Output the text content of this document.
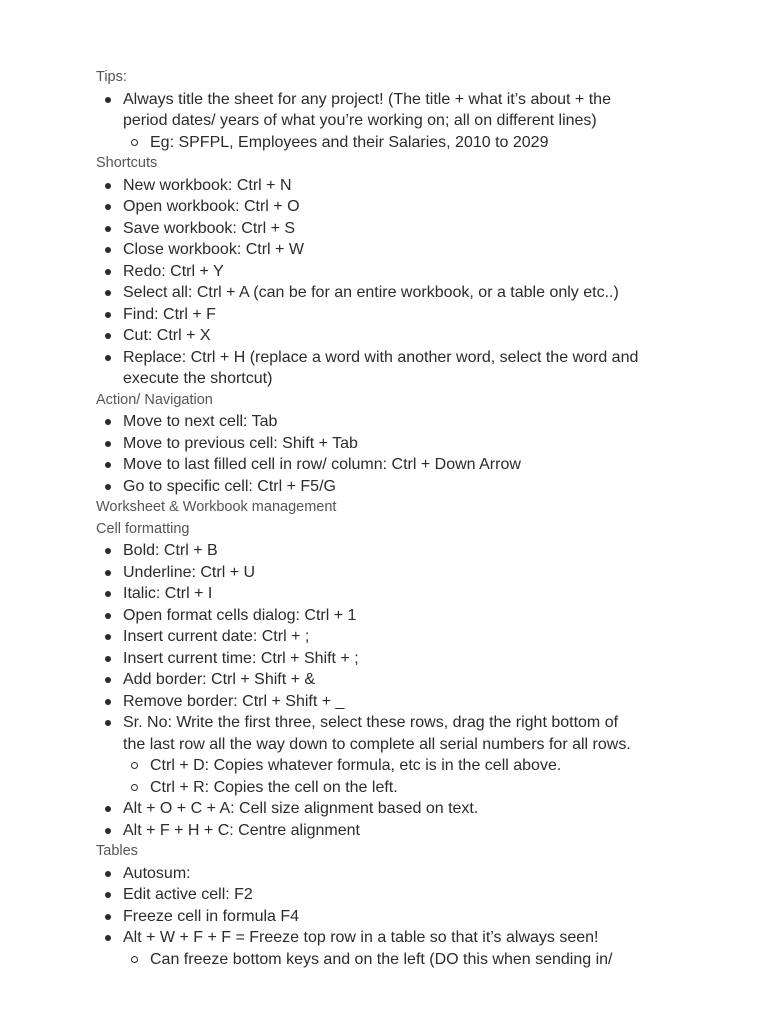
Tips:
Always title the sheet for any project! (The title + what it’s about + the
period dates/ years of what you’re working on; all on different lines)
Eg: SPFPL, Employees and their Salaries, 2010 to 2029
Shortcuts
New workbook: Ctrl + N
Open workbook: Ctrl + O
Save workbook: Ctrl + S
Close workbook: Ctrl + W
Redo: Ctrl + Y
Select all: Ctrl + A (can be for an entire workbook, or a table only etc..)
Find: Ctrl + F
Cut: Ctrl + X
Replace: Ctrl + H (replace a word with another word, select the word and
execute the shortcut)
Action/ Navigation
Move to next cell: Tab
Move to previous cell: Shift + Tab
Move to last filled cell in row/ column: Ctrl + Down Arrow
Go to specific cell: Ctrl + F5/G
Worksheet & Workbook management
Cell formatting
Bold: Ctrl + B
Underline: Ctrl + U
Italic: Ctrl + I
Open format cells dialog: Ctrl + 1
Insert current date: Ctrl + ;
Insert current time: Ctrl + Shift + ;
Add border: Ctrl + Shift + &
Remove border: Ctrl + Shift + _
Sr. No: Write the first three, select these rows, drag the right bottom of
the last row all the way down to complete all serial numbers for all rows.
Ctrl + D: Copies whatever formula, etc is in the cell above.
Ctrl + R: Copies the cell on the left.
Alt + O + C + A: Cell size alignment based on text.
Alt + F + H + C: Centre alignment
Tables
Autosum:
Edit active cell: F2
Freeze cell in formula F4
Alt + W + F + F = Freeze top row in a table so that it’s always seen!
Can freeze bottom keys and on the left (DO this when sending in/
